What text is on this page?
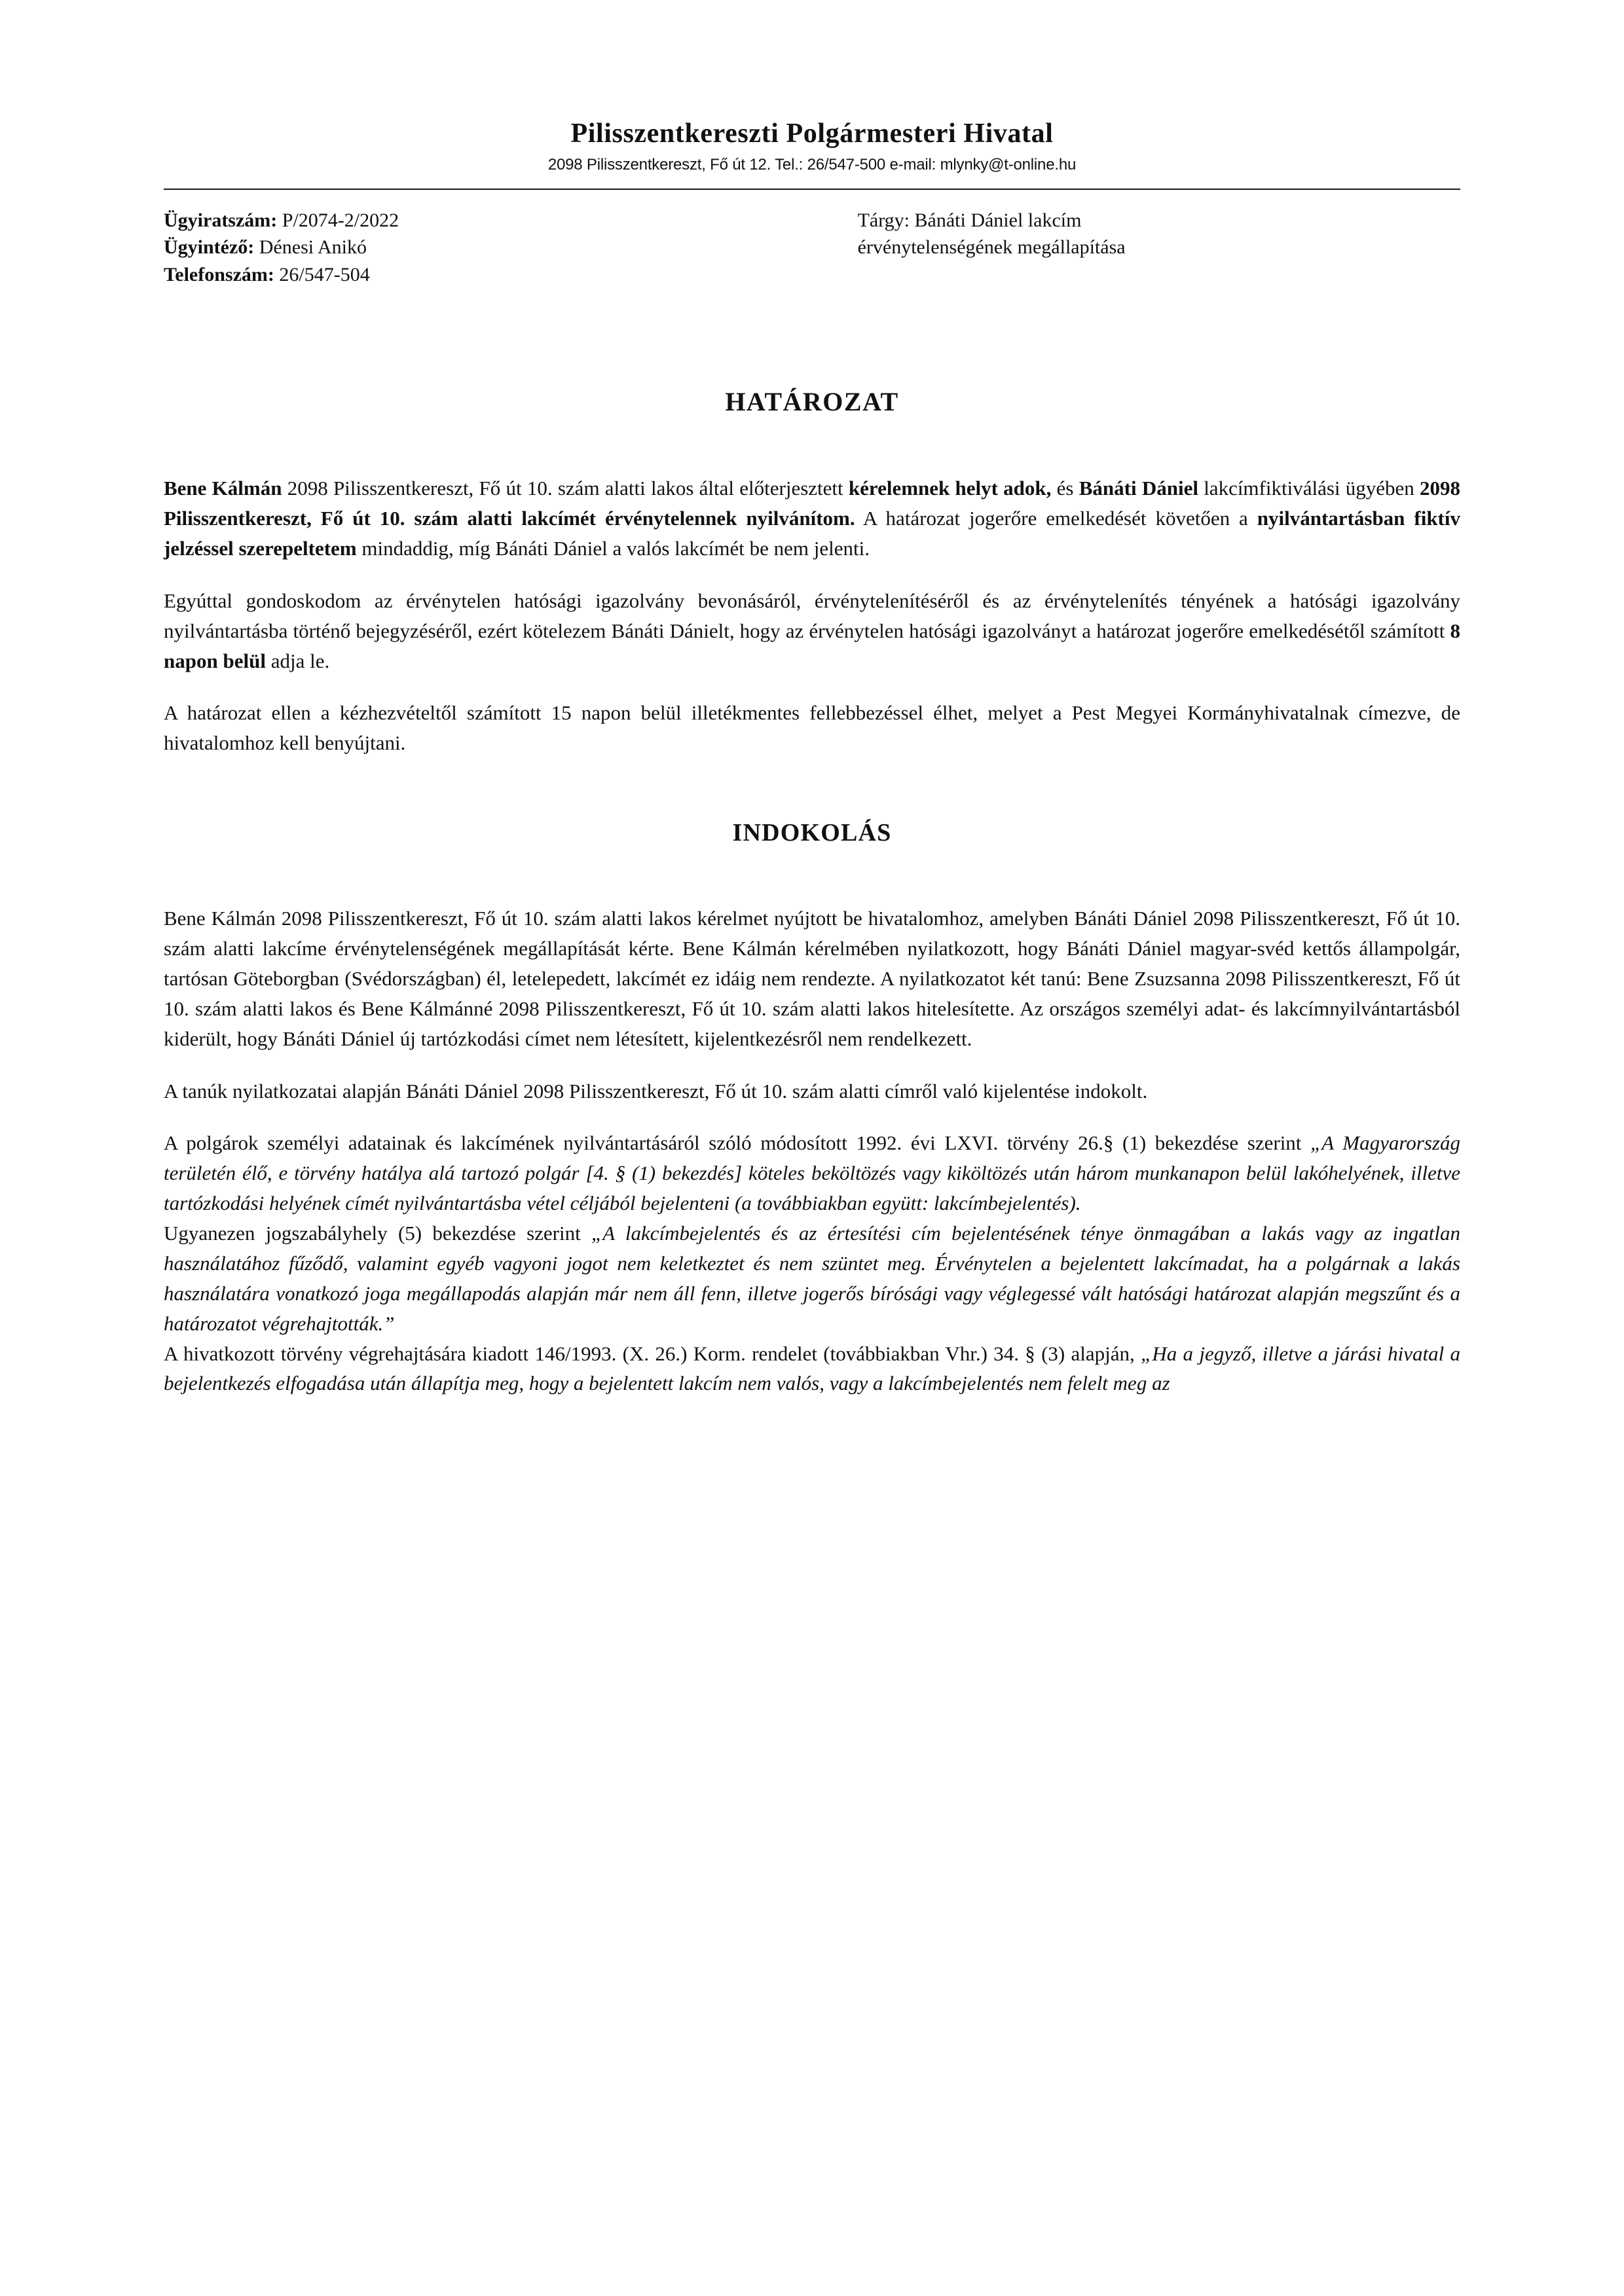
Pilisszentkereszti Polgármesteri Hivatal

2098 Pilisszentkereszt, Fő út 12. Tel.: 26/547-500 e-mail: mlynky@t-online.hu

Ügyiratszám: P/2074-2/2022
Ügyintéző: Dénesi Anikó
Telefonszám: 26/547-504
Tárgy: Bánáti Dániel lakcím
érvénytelenségének megállapítása
HATÁROZAT

Bene Kálmán 2098 Pilisszentkereszt, Fő út 10. szám alatti lakos által előterjesztett kérelemnek helyt adok, és Bánáti Dániel lakcímfiktiválási ügyében 2098 Pilisszentkereszt, Fő út 10. szám alatti lakcímét érvénytelennek nyilvánítom. A határozat jogerőre emelkedését követően a nyilvántartásban fiktív jelzéssel szerepeltetem mindaddig, míg Bánáti Dániel a valós lakcímét be nem jelenti.

Egyúttal gondoskodom az érvénytelen hatósági igazolvány bevonásáról, érvénytelenítéséről és az érvénytelenítés tényének a hatósági igazolvány nyilvántartásba történő bejegyzéséről, ezért kötelezem Bánáti Dánielt, hogy az érvénytelen hatósági igazolványt a határozat jogerőre emelkedésétől számított 8 napon belül adja le.

A határozat ellen a kézhezvételtől számított 15 napon belül illetékmentes fellebbezéssel élhet, melyet a Pest Megyei Kormányhivatalnak címezve, de hivatalomhoz kell benyújtani.

INDOKOLÁS

Bene Kálmán 2098 Pilisszentkereszt, Fő út 10. szám alatti lakos kérelmet nyújtott be hivatalomhoz, amelyben Bánáti Dániel 2098 Pilisszentkereszt, Fő út 10. szám alatti lakcíme érvénytelenségének megállapítását kérte. Bene Kálmán kérelmében nyilatkozott, hogy Bánáti Dániel magyar-svéd kettős állampolgár, tartósan Göteborgban (Svédországban) él, letelepedett, lakcímét ez idáig nem rendezte. A nyilatkozatot két tanú: Bene Zsuzsanna 2098 Pilisszentkereszt, Fő út 10. szám alatti lakos és Bene Kálmánné 2098 Pilisszentkereszt, Fő út 10. szám alatti lakos hitelesítette. Az országos személyi adat- és lakcímnyilvántartásból kiderült, hogy Bánáti Dániel új tartózkodási címet nem létesített, kijelentkezésről nem rendelkezett.

A tanúk nyilatkozatai alapján Bánáti Dániel 2098 Pilisszentkereszt, Fő út 10. szám alatti címről való kijelentése indokolt.

A polgárok személyi adatainak és lakcímének nyilvántartásáról szóló módosított 1992. évi LXVI. törvény 26.§ (1) bekezdése szerint „A Magyarország területén élő, e törvény hatálya alá tartozó polgár [4. § (1) bekezdés] köteles beköltözés vagy kiköltözés után három munkanapon belül lakóhelyének, illetve tartózkodási helyének címét nyilvántartásba vétel céljából bejelenteni (a továbbiakban együtt: lakcímbejelentés).

Ugyanezen jogszabályhely (5) bekezdése szerint „A lakcímbejelentés és az értesítési cím bejelentésének ténye önmagában a lakás vagy az ingatlan használatához fűződő, valamint egyéb vagyoni jogot nem keletkeztet és nem szüntet meg. Érvénytelen a bejelentett lakcímadat, ha a polgárnak a lakás használatára vonatkozó joga megállapodás alapján már nem áll fenn, illetve jogerős bírósági vagy véglegessé vált hatósági határozat alapján megszűnt és a határozatot végrehajtották.”

A hivatkozott törvény végrehajtására kiadott 146/1993. (X. 26.) Korm. rendelet (továbbiakban Vhr.) 34. § (3) alapján, „Ha a jegyző, illetve a járási hivatal a bejelentkezés elfogadása után állapítja meg, hogy a bejelentett lakcím nem valós, vagy a lakcímbejelentés nem felelt meg az
